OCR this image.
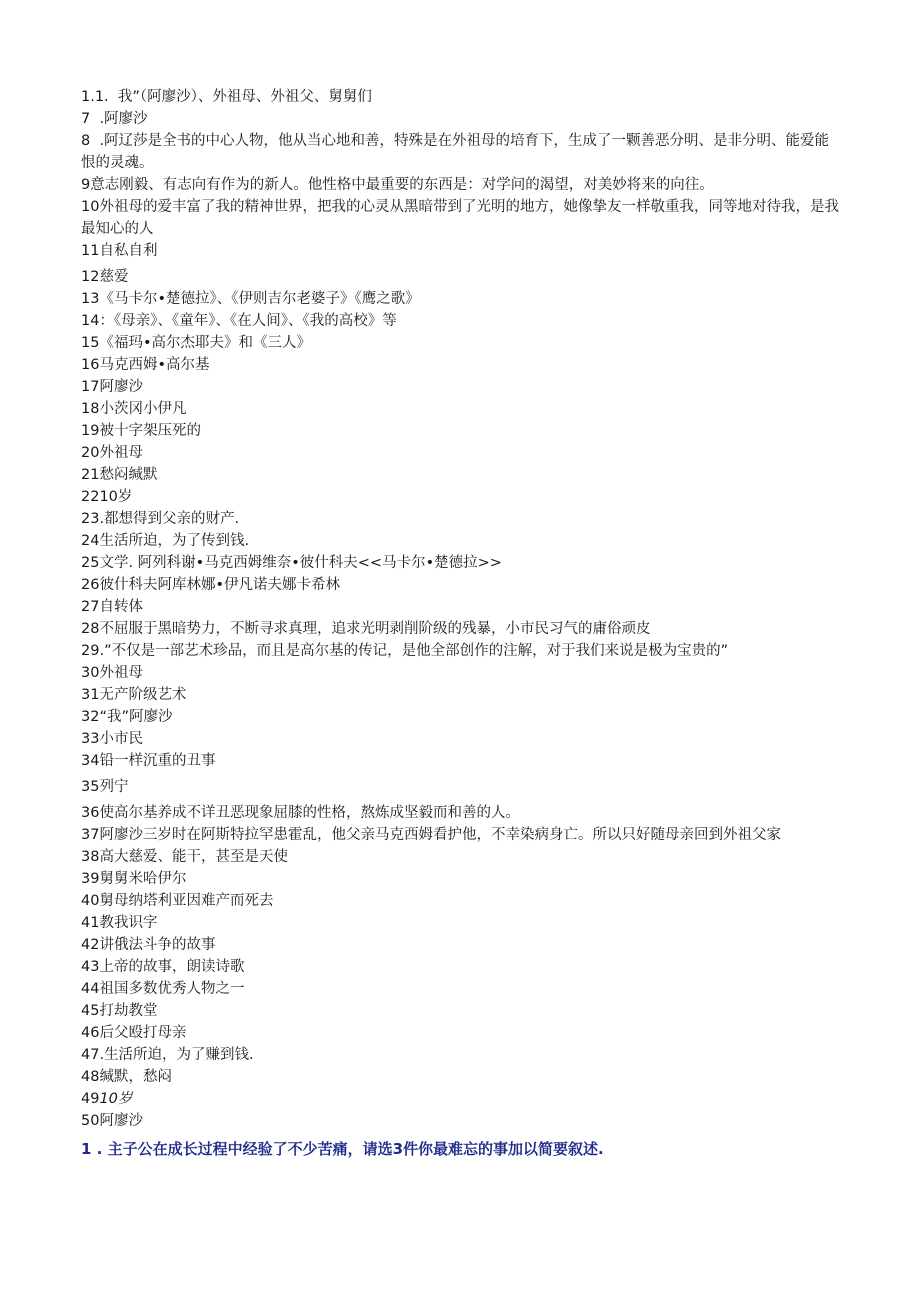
1.1.  我”（阿廖沙）、外祖母、外祖父、舅舅们
7  .阿廖沙
8  .阿辽莎是全书的中心人物，他从当心地和善，特殊是在外祖母的培育下，生成了一颗善恶分明、是非分明、能爱能恨的灵魂。
9意志刚毅、有志向有作为的新人。他性格中最重要的东西是：对学问的渴望，对美妙将来的向往。
10外祖母的爱丰富了我的精神世界，把我的心灵从黑暗带到了光明的地方，她像挚友一样敬重我，同等地对待我，是我最知心的人
11自私自利
12慈爱
13《马卡尔•楚德拉》、《伊则吉尔老婆子》《鹰之歌》
14：《母亲》、《童年》、《在人间》、《我的高校》等
15《福玛•高尔杰耶夫》和《三人》
16马克西姆•高尔基
17阿廖沙
18小茨冈小伊凡
19被十字架压死的
20外祖母
21愁闷缄默
2210岁
23.都想得到父亲的财产.
24生活所迫，为了传到钱.
25文学. 阿列科谢•马克西姆维奈•彼什科夫<<马卡尔•楚德拉>>
26彼什科夫阿库林娜•伊凡诺夫娜卡希林
27自转体
28不屈服于黑暗势力，不断寻求真理，追求光明剥削阶级的残暴，小市民习气的庸俗顽皮
29.”不仅是一部艺术珍品，而且是高尔基的传记，是他全部创作的注解，对于我们来说是极为宝贵的”
30外祖母
31无产阶级艺术
32“我”阿廖沙
33小市民
34铅一样沉重的丑事
35列宁
36使高尔基养成不详丑恶现象屈膝的性格，熬炼成坚毅而和善的人。
37阿廖沙三岁时在阿斯特拉罕患霍乱，他父亲马克西姆看护他，不幸染病身亡。所以只好随母亲回到外祖父家
38高大慈爱、能干，甚至是天使
39舅舅米哈伊尔
40舅母纳塔利亚因难产而死去
41教我识字
42讲俄法斗争的故事
43上帝的故事，朗读诗歌
44祖国多数优秀人物之一
45打劫教堂
46后父殴打母亲
47.生活所迫，为了赚到钱.
48缄默，愁闷
4910岁
50阿廖沙
1 . 主子公在成长过程中经验了不少苦痛，请选3件你最难忘的事加以简要叙述.
